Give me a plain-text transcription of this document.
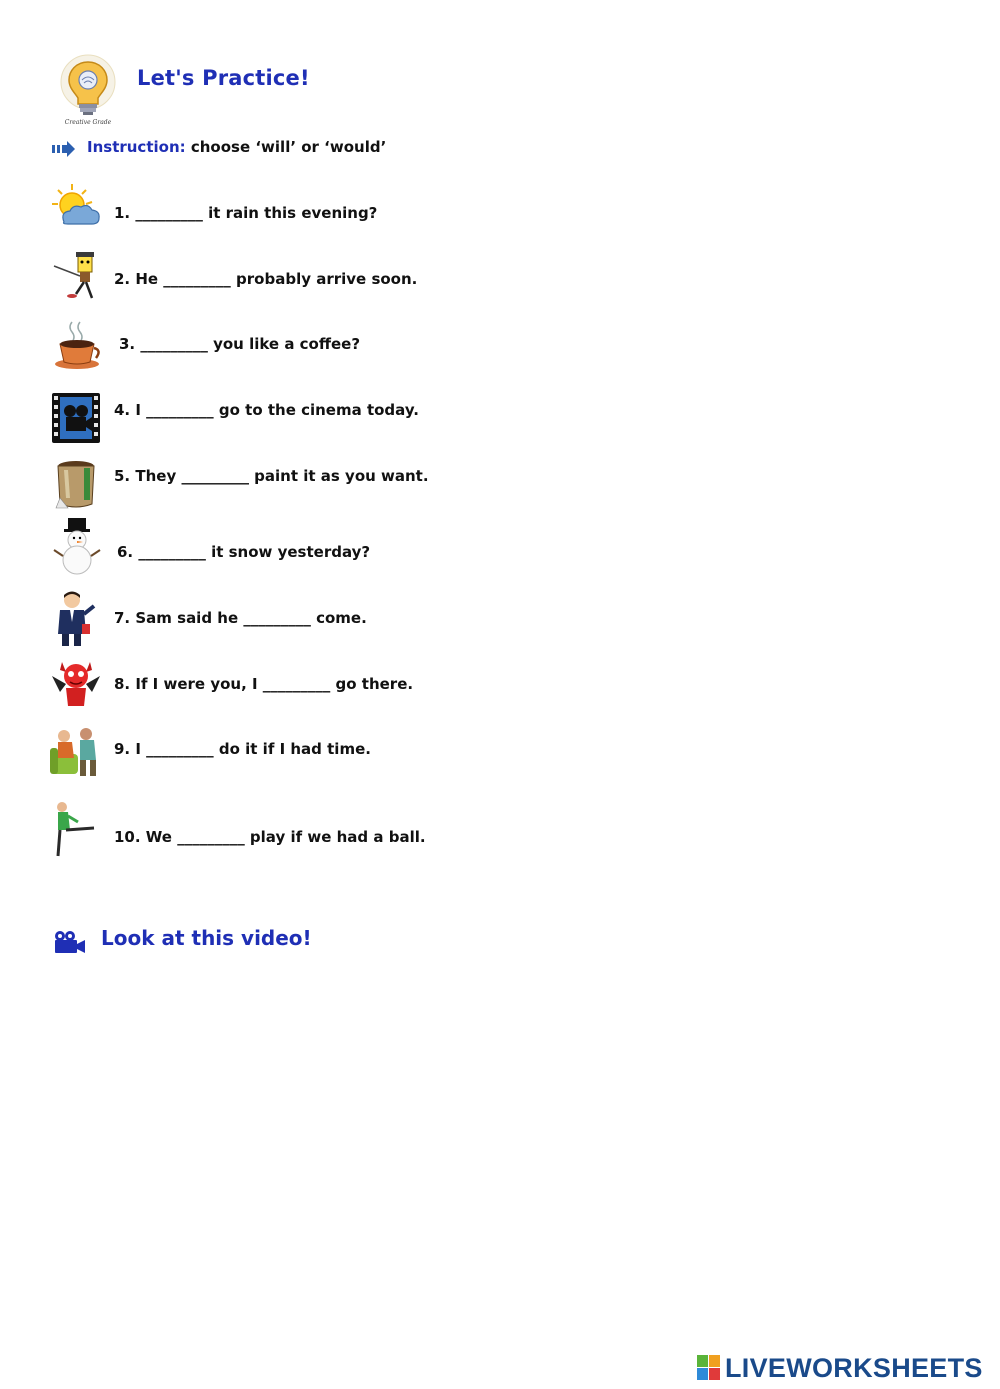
Creative Grade
Let's Practice!
Instruction: choose ‘will’ or ‘would’
1. _________ it rain this evening?
2. He _________ probably arrive soon.
3. _________ you like a coffee?
4. I _________ go to the cinema today.
5. They _________ paint it as you want.
6. _________ it snow yesterday?
7. Sam said he _________ come.
8. If I were you, I _________ go there.
9. I _________ do it if I had time.
10. We _________ play if we had a ball.
Look at this video!
LIVEWORKSHEETS
